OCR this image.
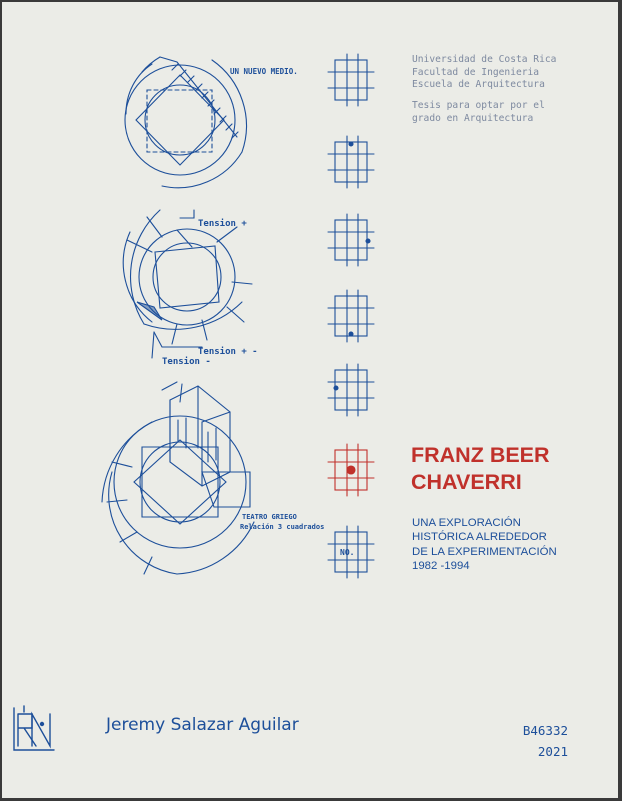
UN NUEVO MEDIO.
Tension +
Tension + -
Tension -
TEATRO GRIEGO
Relación 3 cuadrados
NO.
Universidad de Costa Rica
Facultad de Ingenieria
Escuela de Arquitectura
Tesis para optar por el
grado en Arquitectura
FRANZ BEER
CHAVERRI
UNA EXPLORACIÓN
HISTÓRICA ALREDEDOR
DE LA EXPERIMENTACIÓN
1982 -1994
Jeremy Salazar Aguilar	B46332
2021
